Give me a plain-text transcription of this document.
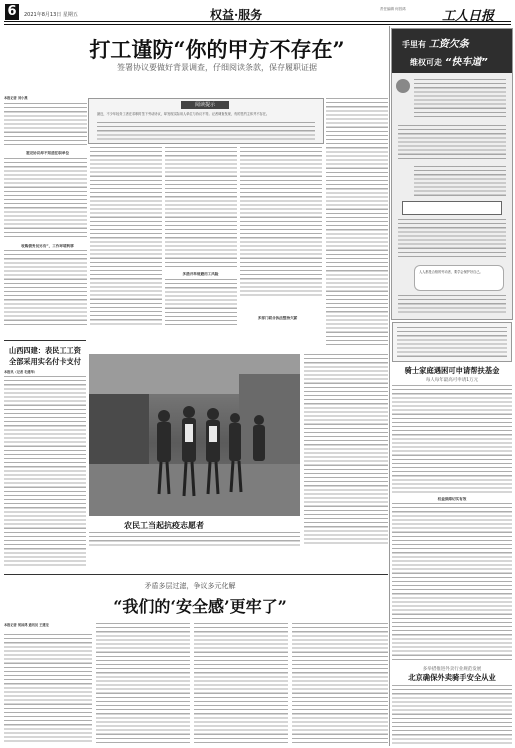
6	2021年8月13日 星期五	权益·服务	责任编辑 何昌鸿	工人日报
打工谨防“你的甲方不存在”
签署协议要做好背景调查，仔细阅读条款，保存履职证据
本报记者 刘小燕
签完协议却不知道任职单位
收购债务员另有”，工作环境转移
阅读提示
最近，不少年轻务工者在求职时签下劳动协议，却发现实际用人单位与协议不符。记者调查发现，有的签约主体并不存在。
多措并举规避用工风险
多部门联合执法整治欠薪
手里有 工资欠条
维权可走 “快车道”
人人都是合格的劳动者，要学会保护好自己。
骑士家庭遇困可申请帮扶基金
每人每年最高可申请1万元
权益保障切实有效
多举措推进外卖行业规范发展
北京确保外卖骑手安全从业
山西四建：表民工工资
全部采用实名付卡支付
本报讯（记者 毛建华）
农民工当起抗疫志愿者
矛盾多层过滤，争议多元化解
“我们的‘安全感’更牢了”
本报记者 何昌鸿 通讯员 王建龙
